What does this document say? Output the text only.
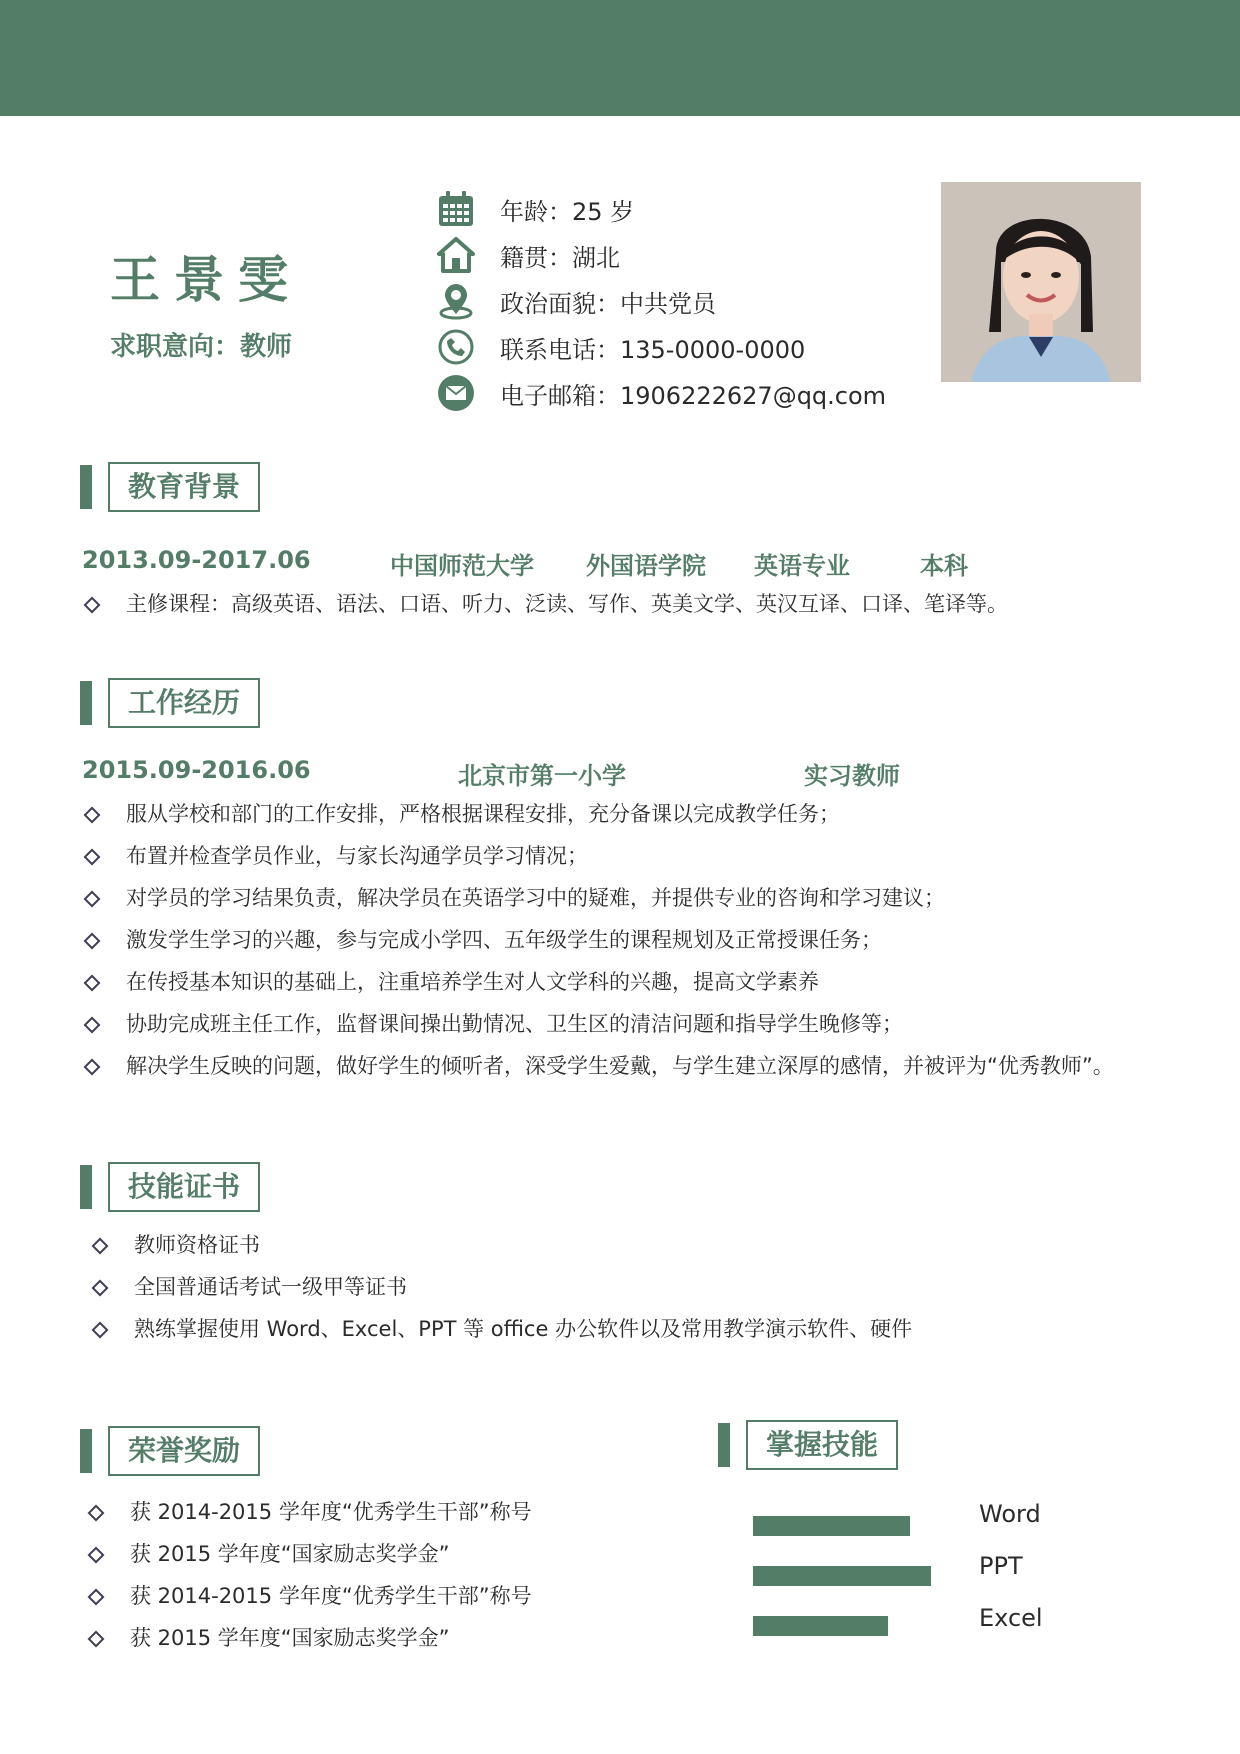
王景雯
求职意向：教师
年龄：25 岁
籍贯：湖北
政治面貌：中共党员
联系电话：135-0000-0000
电子邮箱：1906222627@qq.com
教育背景
2013.09-2017.06	中国师范大学 外国语学院 英语专业	本科
主修课程：高级英语、语法、口语、听力、泛读、写作、英美文学、英汉互译、口译、笔译等。
工作经历
2015.09-2016.06	北京市第一小学	实习教师
服从学校和部门的工作安排，严格根据课程安排，充分备课以完成教学任务；
布置并检查学员作业，与家长沟通学员学习情况；
对学员的学习结果负责，解决学员在英语学习中的疑难，并提供专业的咨询和学习建议；
激发学生学习的兴趣，参与完成小学四、五年级学生的课程规划及正常授课任务；
在传授基本知识的基础上，注重培养学生对人文学科的兴趣，提高文学素养
协助完成班主任工作，监督课间操出勤情况、卫生区的清洁问题和指导学生晚修等；
解决学生反映的问题，做好学生的倾听者，深受学生爱戴，与学生建立深厚的感情，并被评为“优秀教师”。
技能证书
教师资格证书
全国普通话考试一级甲等证书
熟练掌握使用 Word、Excel、PPT 等 office 办公软件以及常用教学演示软件、硬件
荣誉奖励
获 2014-2015 学年度“优秀学生干部”称号
获 2015 学年度“国家励志奖学金”
获 2014-2015 学年度“优秀学生干部”称号
获 2015 学年度“国家励志奖学金”
掌握技能
Word
PPT
Excel
